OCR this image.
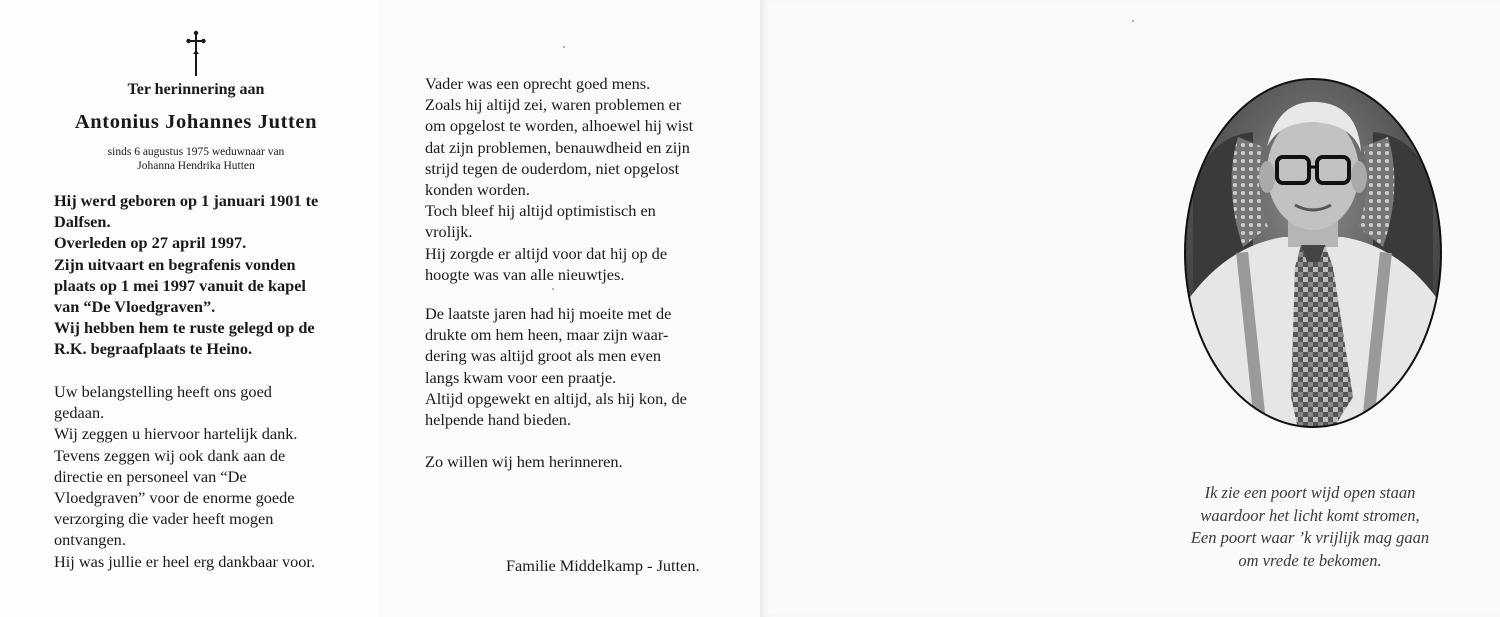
Ter herinnering aan
Antonius Johannes Jutten
sinds 6 augustus 1975 weduwnaar van
Johanna Hendrika Hutten
Hij werd geboren op 1 januari 1901 te
Dalfsen.
Overleden op 27 april 1997.
Zijn uitvaart en begrafenis vonden
plaats op 1 mei 1997 vanuit de kapel
van “De Vloedgraven”.
Wij hebben hem te ruste gelegd op de
R.K. begraafplaats te Heino.
Uw belangstelling heeft ons goed
gedaan.
Wij zeggen u hiervoor hartelijk dank.
Tevens zeggen wij ook dank aan de
directie en personeel van “De
Vloedgraven” voor de enorme goede
verzorging die vader heeft mogen
ontvangen.
Hij was jullie er heel erg dankbaar voor.
Vader was een oprecht goed mens.
Zoals hij altijd zei, waren problemen er
om opgelost te worden, alhoewel hij wist
dat zijn problemen, benauwdheid en zijn
strijd tegen de ouderdom, niet opgelost
konden worden.
Toch bleef hij altijd optimistisch en
vrolijk.
Hij zorgde er altijd voor dat hij op de
hoogte was van alle nieuwtjes.
De laatste jaren had hij moeite met de
drukte om hem heen, maar zijn waar-
dering was altijd groot als men even
langs kwam voor een praatje.
Altijd opgewekt en altijd, als hij kon, de
helpende hand bieden.
Zo willen wij hem herinneren.
Familie Middelkamp - Jutten.
Ik zie een poort wijd open staan
waardoor het licht komt stromen,
Een poort waar ’k vrijlijk mag gaan
om vrede te bekomen.
